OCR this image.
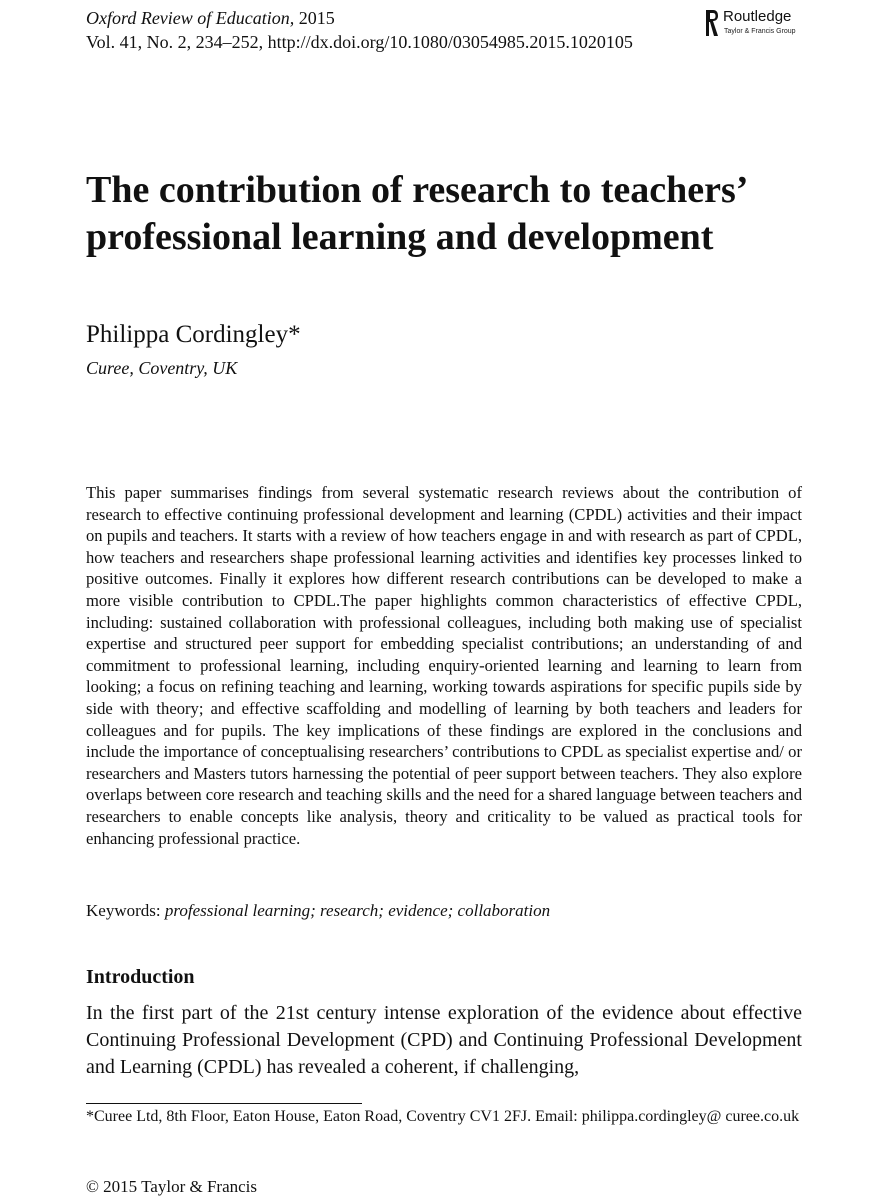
Oxford Review of Education, 2015
Vol. 41, No. 2, 234–252, http://dx.doi.org/10.1080/03054985.2015.1020105
Routledge
Taylor & Francis Group
The contribution of research to teachers’ professional learning and development
Philippa Cordingley*
Curee, Coventry, UK

This paper summarises findings from several systematic research reviews about the contribution of research to effective continuing professional development and learning (CPDL) activities and their impact on pupils and teachers. It starts with a review of how teachers engage in and with research as part of CPDL, how teachers and researchers shape professional learning activities and identifies key processes linked to positive outcomes. Finally it explores how different research contributions can be developed to make a more visible contribution to CPDL.The paper highlights common characteristics of effective CPDL, including: sustained collaboration with professional colleagues, including both making use of specialist expertise and structured peer support for embedding specialist contributions; an understanding of and commitment to professional learning, including enquiry-oriented learning and learning to learn from looking; a focus on refining teaching and learning, working towards aspirations for specific pupils side by side with theory; and effective scaffolding and modelling of learning by both teachers and leaders for colleagues and for pupils. The key implications of these findings are explored in the conclusions and include the importance of conceptualising researchers’ contributions to CPDL as specialist expertise and/ or researchers and Masters tutors harnessing the potential of peer support between teachers. They also explore overlaps between core research and teaching skills and the need for a shared language between teachers and researchers to enable concepts like analysis, theory and criticality to be valued as practical tools for enhancing professional practice.

Keywords: professional learning; research; evidence; collaboration
Introduction

In the first part of the 21st century intense exploration of the evidence about effective Continuing Professional Development (CPD) and Continuing Professional Development and Learning (CPDL) has revealed a coherent, if challenging,

*Curee Ltd, 8th Floor, Eaton House, Eaton Road, Coventry CV1 2FJ. Email: philippa.cordingley@ curee.co.uk

© 2015 Taylor & Francis
